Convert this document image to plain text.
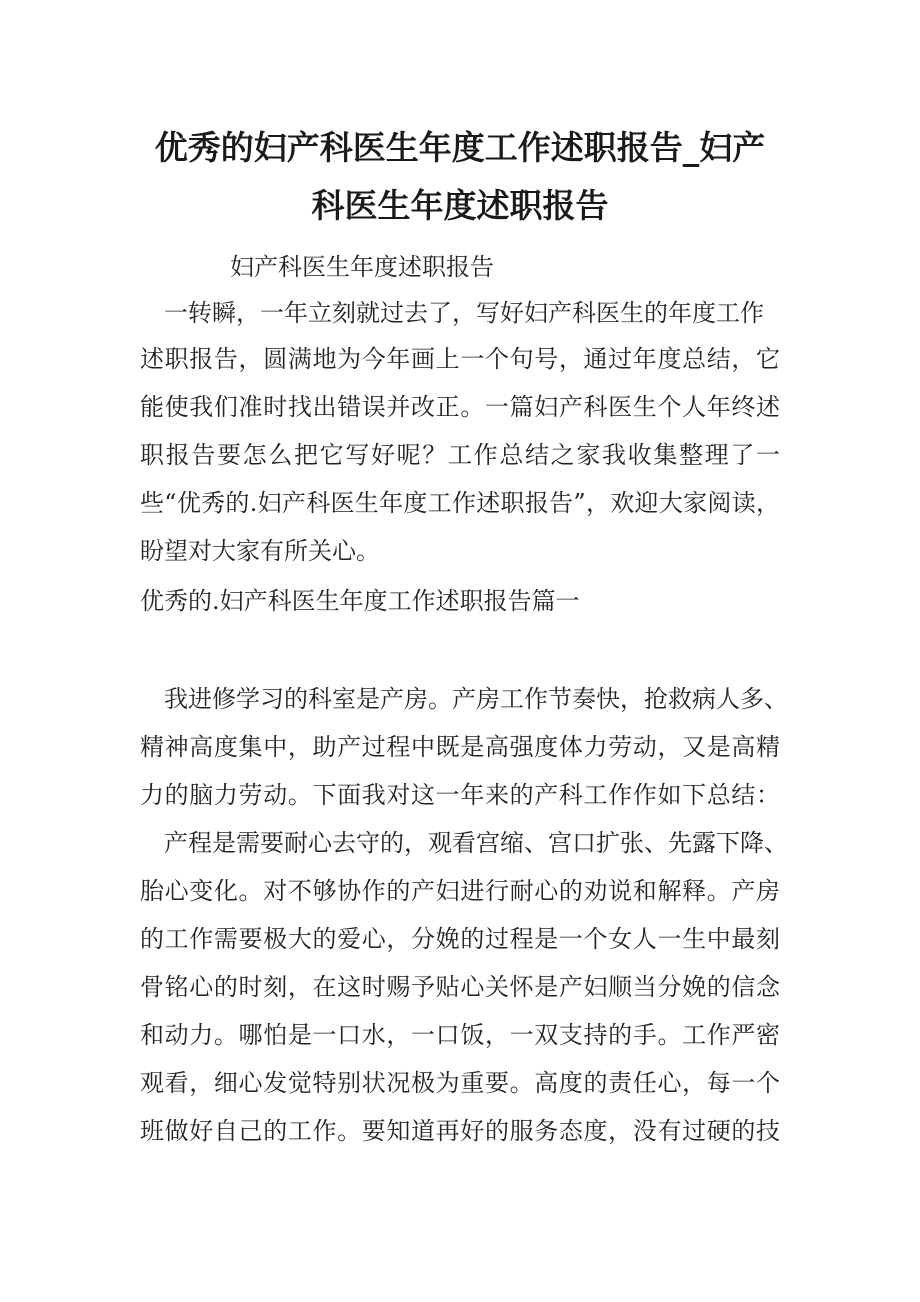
优秀的妇产科医生年度工作述职报告_妇产
科医生年度述职报告
妇产科医生年度述职报告
一转瞬，一年立刻就过去了，写好妇产科医生的年度工作
述职报告，圆满地为今年画上一个句号，通过年度总结，它
能使我们准时找出错误并改正。一篇妇产科医生个人年终述
职报告要怎么把它写好呢？工作总结之家我收集整理了一
些“优秀的.妇产科医生年度工作述职报告”，欢迎大家阅读，
盼望对大家有所关心。
优秀的.妇产科医生年度工作述职报告篇一
我进修学习的科室是产房。产房工作节奏快，抢救病人多、
精神高度集中，助产过程中既是高强度体力劳动，又是高精
力的脑力劳动。下面我对这一年来的产科工作作如下总结：
产程是需要耐心去守的，观看宫缩、宫口扩张、先露下降、
胎心变化。对不够协作的产妇进行耐心的劝说和解释。产房
的工作需要极大的爱心，分娩的过程是一个女人一生中最刻
骨铭心的时刻，在这时赐予贴心关怀是产妇顺当分娩的信念
和动力。哪怕是一口水，一口饭，一双支持的手。工作严密
观看，细心发觉特别状况极为重要。高度的责任心，每一个
班做好自己的工作。要知道再好的服务态度，没有过硬的技
